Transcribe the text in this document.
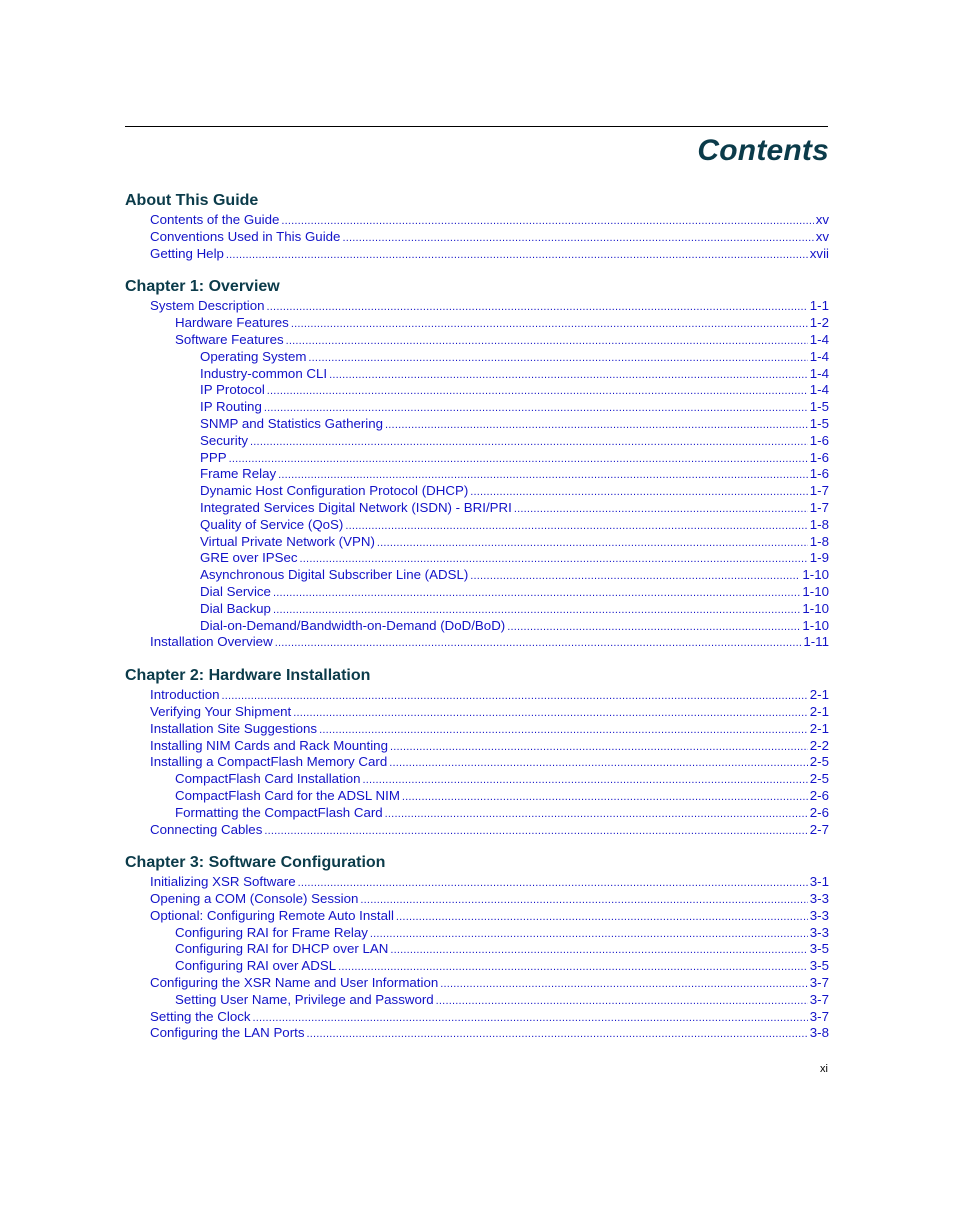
Contents
About This Guide
Contents of the Guide .....	xv
Conventions Used in This Guide .....	xv
Getting Help .....	xvii
Chapter 1: Overview
System Description .....	1-1
Hardware Features .....	1-2
Software Features .....	1-4
Operating System .....	1-4
Industry-common CLI .....	1-4
IP Protocol .....	1-4
IP Routing .....	1-5
SNMP and Statistics Gathering .....	1-5
Security .....	1-6
PPP .....	1-6
Frame Relay .....	1-6
Dynamic Host Configuration Protocol (DHCP) .....	1-7
Integrated Services Digital Network (ISDN) - BRI/PRI .....	1-7
Quality of Service (QoS) .....	1-8
Virtual Private Network (VPN) .....	1-8
GRE over IPSec .....	1-9
Asynchronous Digital Subscriber Line (ADSL) .....	1-10
Dial Service .....	1-10
Dial Backup .....	1-10
Dial-on-Demand/Bandwidth-on-Demand (DoD/BoD) .....	1-10
Installation Overview .....	1-11
Chapter 2: Hardware Installation
Introduction .....	2-1
Verifying Your Shipment .....	2-1
Installation Site Suggestions .....	2-1
Installing NIM Cards and Rack Mounting .....	2-2
Installing a CompactFlash Memory Card .....	2-5
CompactFlash Card Installation .....	2-5
CompactFlash Card for the ADSL NIM .....	2-6
Formatting the CompactFlash Card .....	2-6
Connecting Cables .....	2-7
Chapter 3: Software Configuration
Initializing XSR Software .....	3-1
Opening a COM (Console) Session .....	3-3
Optional: Configuring Remote Auto Install .....	3-3
Configuring RAI for Frame Relay .....	3-3
Configuring RAI for DHCP over LAN .....	3-5
Configuring RAI over ADSL .....	3-5
Configuring the XSR Name and User Information .....	3-7
Setting User Name, Privilege and Password .....	3-7
Setting the Clock .....	3-7
Configuring the LAN Ports .....	3-8
xi
